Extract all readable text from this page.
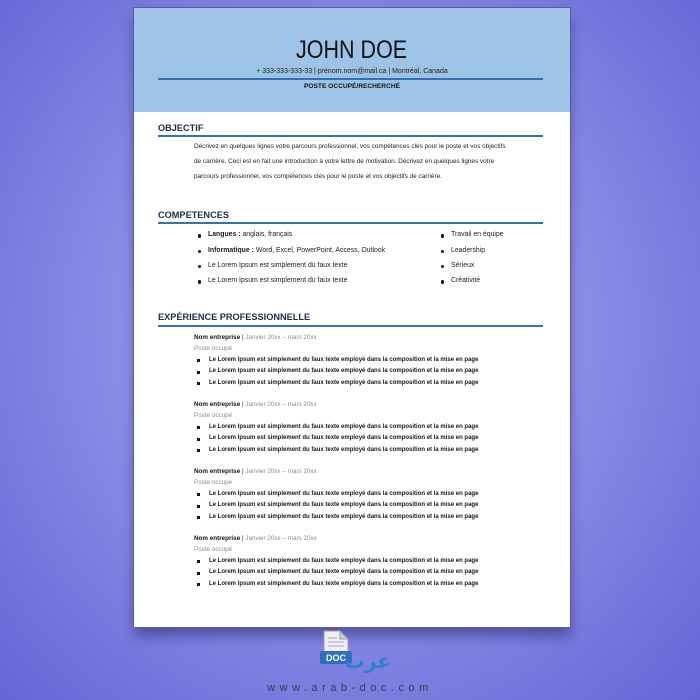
JOHN DOE
+ 333-333-333-33 | prénom.nom@mail.ca | Montréal, Canada
POSTE OCCUPÉ/RECHERCHÉ
OBJECTIF
Décrivez en quelques lignes votre parcours professionnel, vos compétences clés pour le poste et vos objectifs
de carrière. Ceci est en fait une introduction à votre lettre de motivation. Décrivez en quelques lignes votre
parcours professionnel, vos compétences clés pour le poste et vos objectifs de carrière.
COMPETENCES
Langues : anglais, français
Informatique : Word, Excel, PowerPoint, Access, Outlook
Le Lorem Ipsum est simplement du faux texte
Le Lorem Ipsum est simplement du faux texte
Travail en équipe
Leadership
Sérieux
Créativité
EXPÉRIENCE PROFESSIONNELLE
Nom entreprise | Janvier 20xx – mars 20xx
Poste occupé
Le Lorem Ipsum est simplement du faux texte employé dans la composition et la mise en page
Le Lorem Ipsum est simplement du faux texte employé dans la composition et la mise en page
Le Lorem Ipsum est simplement du faux texte employé dans la composition et la mise en page
Nom entreprise | Janvier 20xx – mars 20xx
Poste occupé
Le Lorem Ipsum est simplement du faux texte employé dans la composition et la mise en page
Le Lorem Ipsum est simplement du faux texte employé dans la composition et la mise en page
Le Lorem Ipsum est simplement du faux texte employé dans la composition et la mise en page
Nom entreprise | Janvier 20xx – mars 20xx
Poste occupé
Le Lorem Ipsum est simplement du faux texte employé dans la composition et la mise en page
Le Lorem Ipsum est simplement du faux texte employé dans la composition et la mise en page
Le Lorem Ipsum est simplement du faux texte employé dans la composition et la mise en page
Nom entreprise | Janvier 20xx – mars 20xx
Poste occupé
Le Lorem Ipsum est simplement du faux texte employé dans la composition et la mise en page
Le Lorem Ipsum est simplement du faux texte employé dans la composition et la mise en page
Le Lorem Ipsum est simplement du faux texte employé dans la composition et la mise en page
DOC
عرب
www.arab-doc.com
